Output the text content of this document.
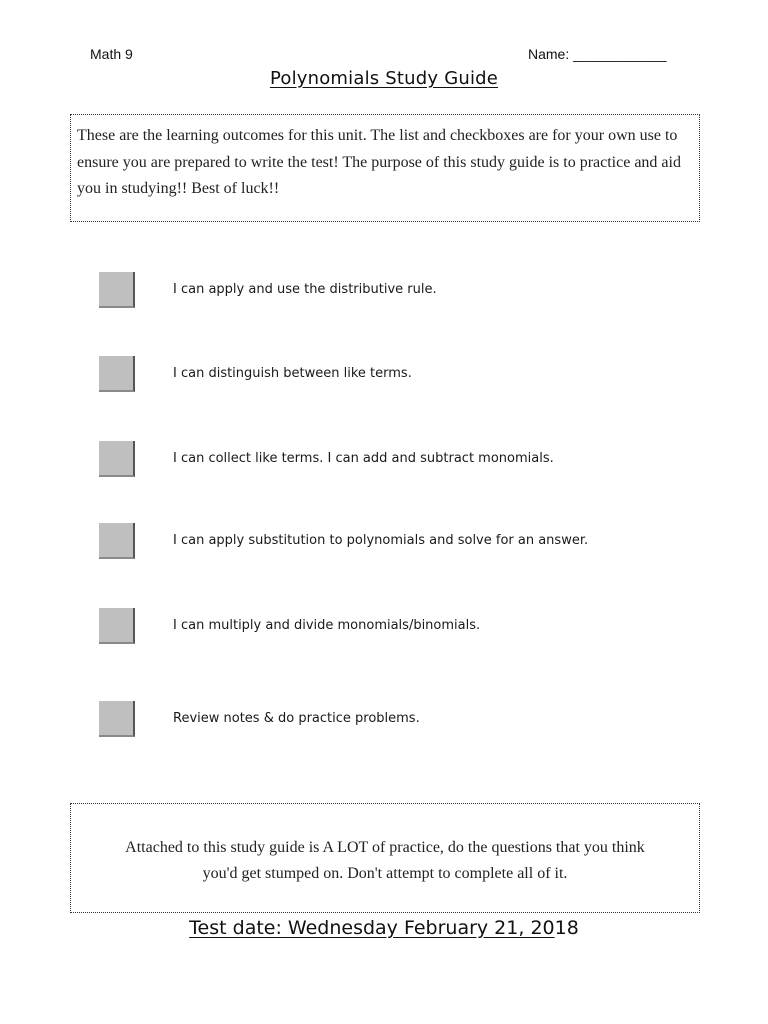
Math 9	Name: ____________
Polynomials Study Guide
These are the learning outcomes for this unit. The list and checkboxes are for your own use to ensure you are prepared to write the test! The purpose of this study guide is to practice and aid you in studying!! Best of luck!!
I can apply and use the distributive rule.
I can distinguish between like terms.
I can collect like terms. I can add and subtract monomials.
I can apply substitution to polynomials and solve for an answer.
I can multiply and divide monomials/binomials.
Review notes & do practice problems.
Attached to this study guide is A LOT of practice, do the questions that you think
you'd get stumped on. Don't attempt to complete all of it.
Test date: Wednesday February 21, 2018
